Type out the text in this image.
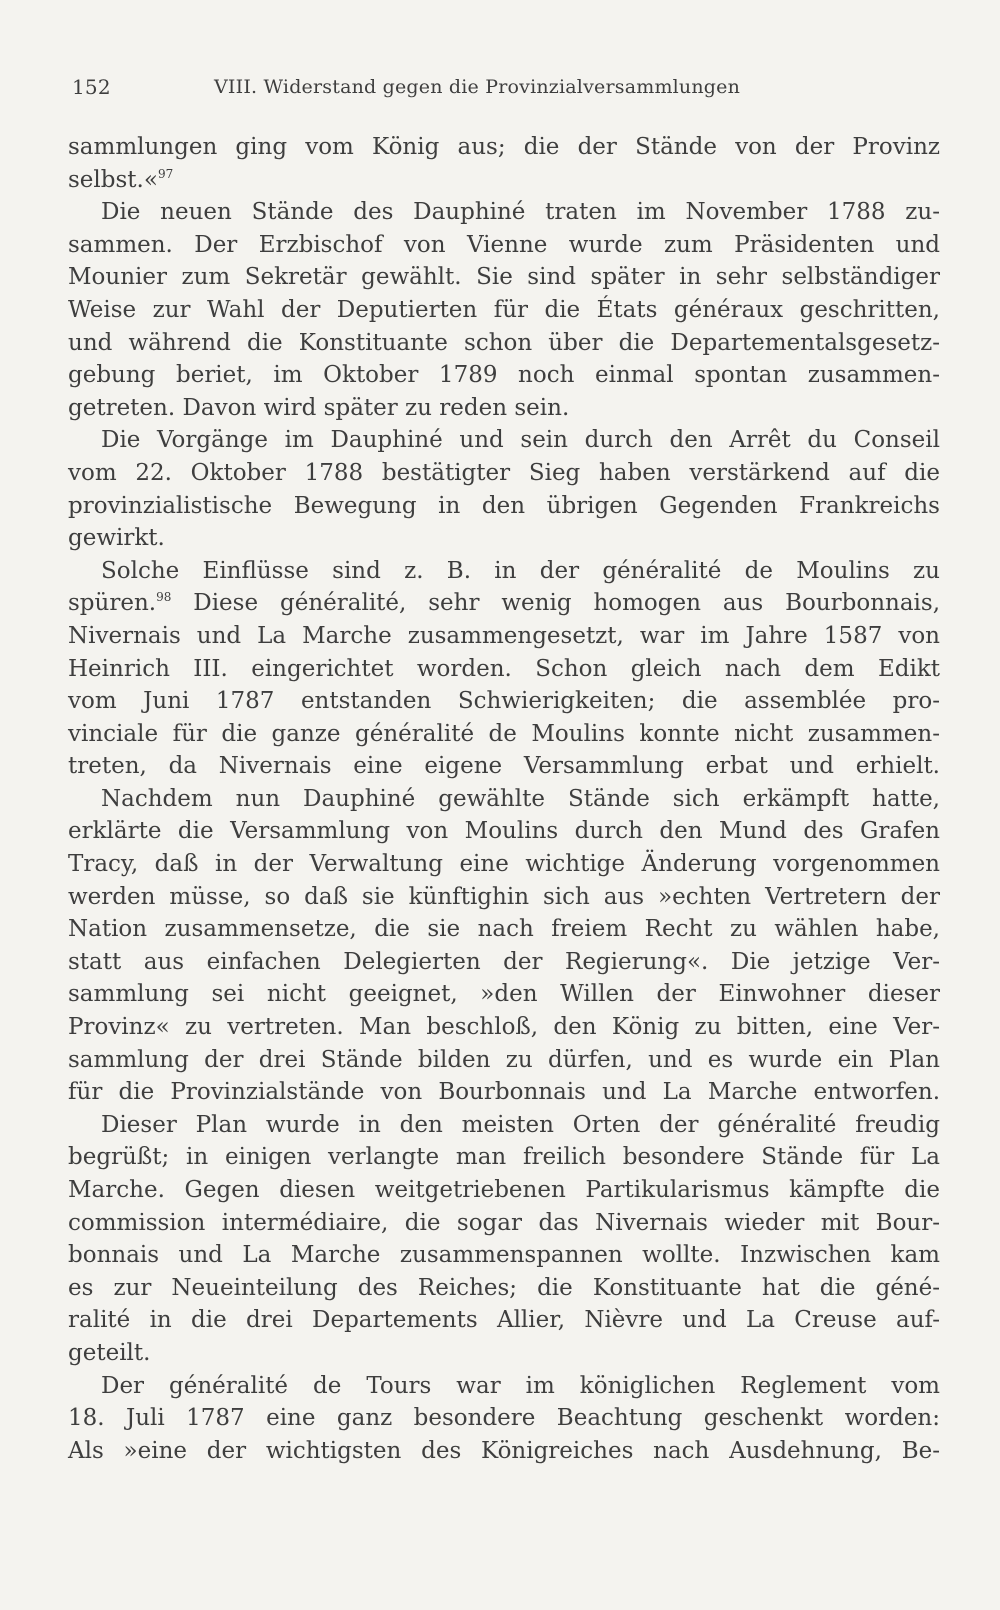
152	VIII. Widerstand gegen die Provinzialversammlungen
sammlungen ging vom König aus; die der Stände von der Provinz
selbst.«$^{97}$
Die neuen Stände des Dauphiné traten im November 1788 zu-
sammen. Der Erzbischof von Vienne wurde zum Präsidenten und
Mounier zum Sekretär gewählt. Sie sind später in sehr selbständiger
Weise zur Wahl der Deputierten für die États généraux geschritten,
und während die Konstituante schon über die Departementalsgesetz-
gebung beriet, im Oktober 1789 noch einmal spontan zusammen-
getreten. Davon wird später zu reden sein.
Die Vorgänge im Dauphiné und sein durch den Arrêt du Conseil
vom 22. Oktober 1788 bestätigter Sieg haben verstärkend auf die
provinzialistische Bewegung in den übrigen Gegenden Frankreichs
gewirkt.
Solche Einflüsse sind z. B. in der généralité de Moulins zu
spüren.$^{98}$ Diese généralité, sehr wenig homogen aus Bourbonnais,
Nivernais und La Marche zusammengesetzt, war im Jahre 1587 von
Heinrich III. eingerichtet worden. Schon gleich nach dem Edikt
vom Juni 1787 entstanden Schwierigkeiten; die assemblée pro-
vinciale für die ganze généralité de Moulins konnte nicht zusammen-
treten, da Nivernais eine eigene Versammlung erbat und erhielt.
Nachdem nun Dauphiné gewählte Stände sich erkämpft hatte,
erklärte die Versammlung von Moulins durch den Mund des Grafen
Tracy, daß in der Verwaltung eine wichtige Änderung vorgenommen
werden müsse, so daß sie künftighin sich aus »echten Vertretern der
Nation zusammensetze, die sie nach freiem Recht zu wählen habe,
statt aus einfachen Delegierten der Regierung«. Die jetzige Ver-
sammlung sei nicht geeignet, »den Willen der Einwohner dieser
Provinz« zu vertreten. Man beschloß, den König zu bitten, eine Ver-
sammlung der drei Stände bilden zu dürfen, und es wurde ein Plan
für die Provinzialstände von Bourbonnais und La Marche entworfen.
Dieser Plan wurde in den meisten Orten der généralité freudig
begrüßt; in einigen verlangte man freilich besondere Stände für La
Marche. Gegen diesen weitgetriebenen Partikularismus kämpfte die
commission intermédiaire, die sogar das Nivernais wieder mit Bour-
bonnais und La Marche zusammenspannen wollte. Inzwischen kam
es zur Neueinteilung des Reiches; die Konstituante hat die géné-
ralité in die drei Departements Allier, Nièvre und La Creuse auf-
geteilt.
Der généralité de Tours war im königlichen Reglement vom
18. Juli 1787 eine ganz besondere Beachtung geschenkt worden:
Als »eine der wichtigsten des Königreiches nach Ausdehnung, Be-
